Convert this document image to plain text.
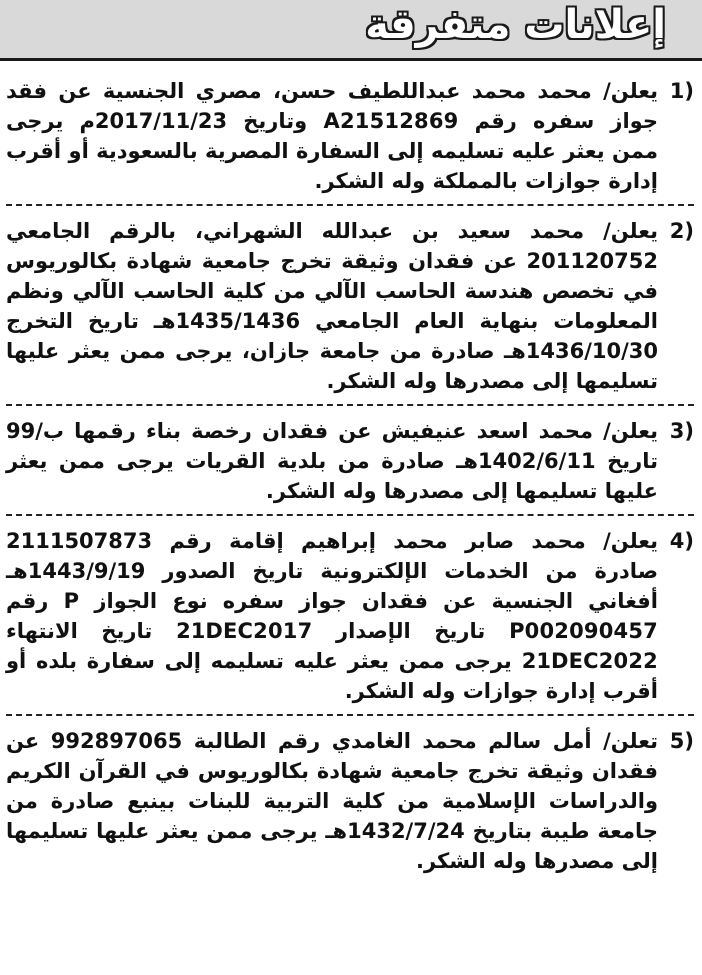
إعلانات متفرقة
1)
يعلن/ محمد محمد عبداللطيف حسن، مصري الجنسية عن فقد جواز سفره رقم A21512869 وتاريخ 2017/11/23م يرجى ممن يعثر عليه تسليمه إلى السفارة المصرية بالسعودية أو أقرب إدارة جوازات بالمملكة وله الشكر.
2)
يعلن/ محمد سعيد بن عبدالله الشهراني، بالرقم الجامعي 201120752 عن فقدان وثيقة تخرج جامعية شهادة بكالوريوس في تخصص هندسة الحاسب الآلي من كلية الحاسب الآلي ونظم المعلومات بنهاية العام الجامعي 1435/1436هـ تاريخ التخرج 1436/10/30هـ صادرة من جامعة جازان، يرجى ممن يعثر عليها تسليمها إلى مصدرها وله الشكر.
3)
يعلن/ محمد اسعد عنيفيش عن فقدان رخصة بناء رقمها ب/99 تاريخ 1402/6/11هـ صادرة من بلدية القريات يرجى ممن يعثر عليها تسليمها إلى مصدرها وله الشكر.
4)
يعلن/ محمد صابر محمد إبراهيم إقامة رقم 2111507873 صادرة من الخدمات الإلكترونية تاريخ الصدور 1443/9/19هـ أفغاني الجنسية عن فقدان جواز سفره نوع الجواز P رقم P002090457 تاريخ الإصدار 21DEC2017 تاريخ الانتهاء 21DEC2022 يرجى ممن يعثر عليه تسليمه إلى سفارة بلده أو أقرب إدارة جوازات وله الشكر.
5)
تعلن/ أمل سالم محمد الغامدي رقم الطالبة 992897065 عن فقدان وثيقة تخرج جامعية شهادة بكالوريوس في القرآن الكريم والدراسات الإسلامية من كلية التربية للبنات بينبع صادرة من جامعة طيبة بتاريخ 1432/7/24هـ يرجى ممن يعثر عليها تسليمها إلى مصدرها وله الشكر.
